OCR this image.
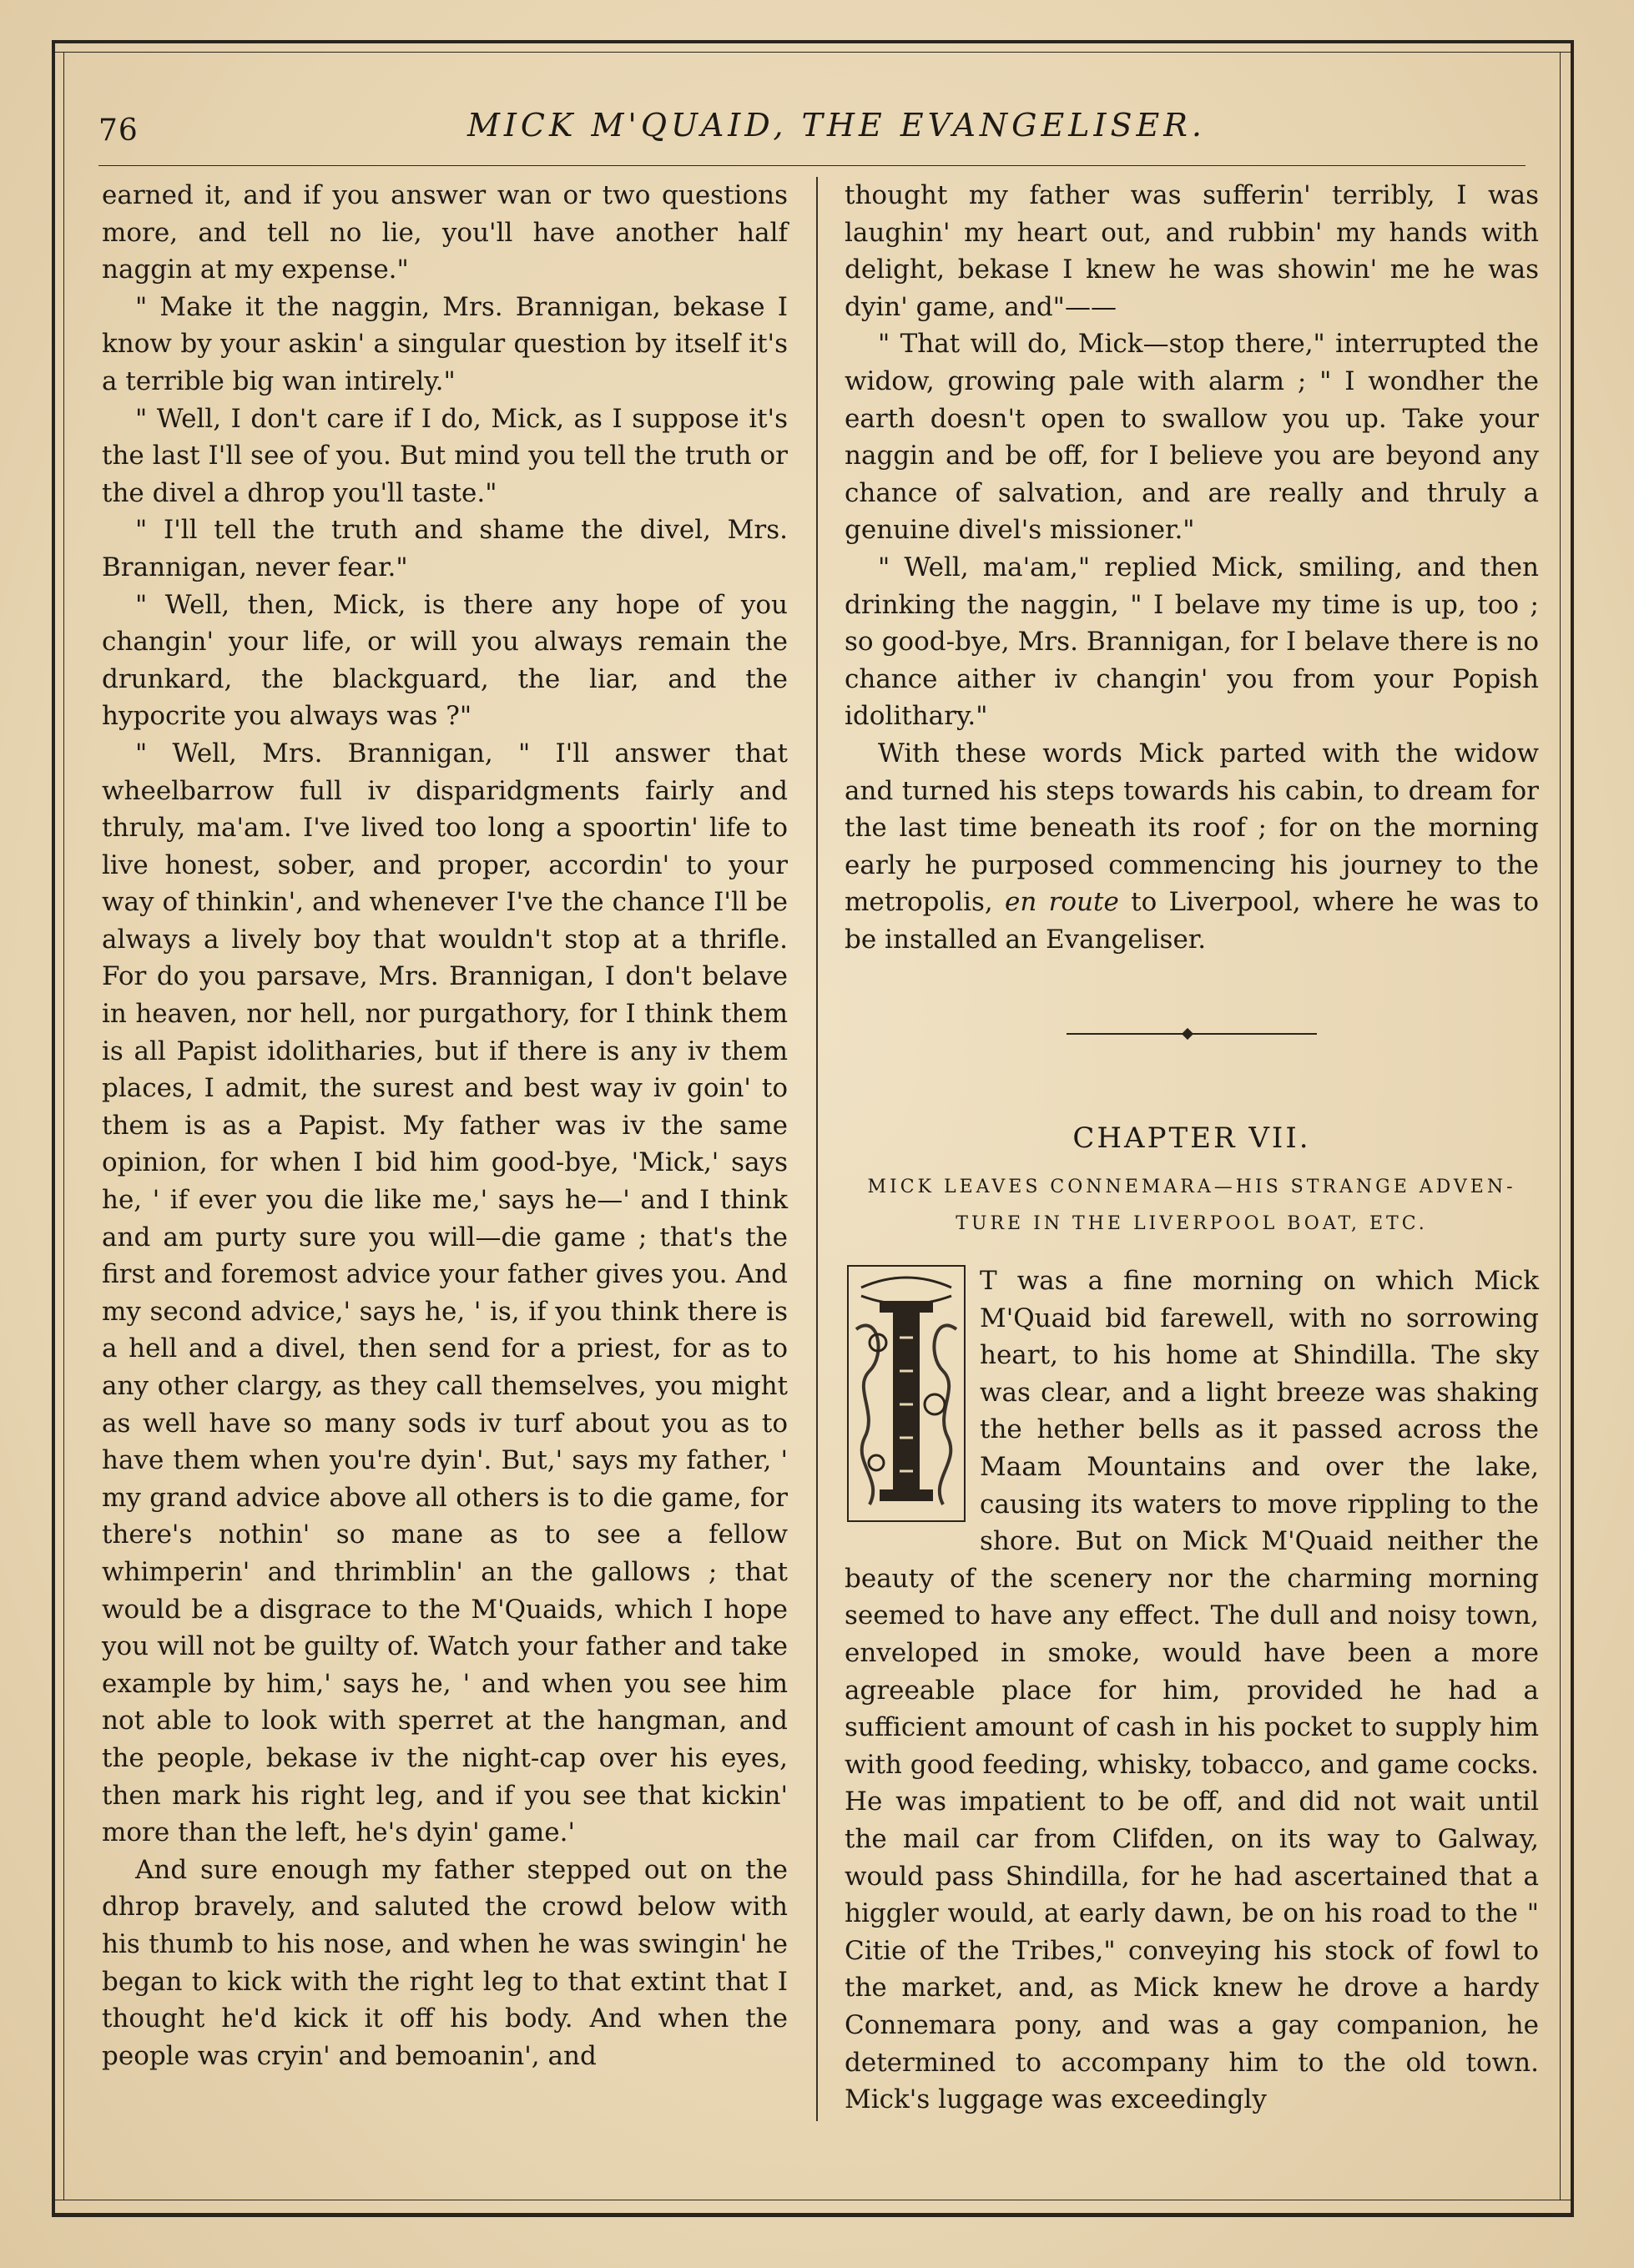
76	MICK M'QUAID, THE EVANGELISER.

earned it, and if you answer wan or two questions more, and tell no lie, you'll have another half naggin at my expense."

" Make it the naggin, Mrs. Brannigan, bekase I know by your askin' a singular question by itself it's a terrible big wan intirely."

" Well, I don't care if I do, Mick, as I suppose it's the last I'll see of you. But mind you tell the truth or the divel a dhrop you'll taste."

" I'll tell the truth and shame the divel, Mrs. Brannigan, never fear."

" Well, then, Mick, is there any hope of you changin' your life, or will you always remain the drunkard, the blackguard, the liar, and the hypocrite you always was ?"

" Well, Mrs. Brannigan, " I'll answer that wheelbarrow full iv disparidgments fairly and thruly, ma'am. I've lived too long a spoortin' life to live honest, sober, and proper, accordin' to your way of thinkin', and whenever I've the chance I'll be always a lively boy that wouldn't stop at a thrifle. For do you parsave, Mrs. Brannigan, I don't belave in heaven, nor hell, nor purgathory, for I think them is all Papist idolitharies, but if there is any iv them places, I admit, the surest and best way iv goin' to them is as a Papist. My father was iv the same opinion, for when I bid him good-bye, 'Mick,' says he, ' if ever you die like me,' says he—' and I think and am purty sure you will—die game ; that's the first and foremost advice your father gives you. And my second advice,' says he, ' is, if you think there is a hell and a divel, then send for a priest, for as to any other clargy, as they call themselves, you might as well have so many sods iv turf about you as to have them when you're dyin'. But,' says my father, ' my grand advice above all others is to die game, for there's nothin' so mane as to see a fellow whimperin' and thrimblin' an the gallows ; that would be a disgrace to the M'Quaids, which I hope you will not be guilty of. Watch your father and take example by him,' says he, ' and when you see him not able to look with sperret at the hangman, and the people, bekase iv the night-cap over his eyes, then mark his right leg, and if you see that kickin' more than the left, he's dyin' game.'

And sure enough my father stepped out on the dhrop bravely, and saluted the crowd below with his thumb to his nose, and when he was swingin' he began to kick with the right leg to that extint that I thought he'd kick it off his body. And when the people was cryin' and bemoanin', and

thought my father was sufferin' terribly, I was laughin' my heart out, and rubbin' my hands with delight, bekase I knew he was showin' me he was dyin' game, and"——

" That will do, Mick—stop there," interrupted the widow, growing pale with alarm ; " I wondher the earth doesn't open to swallow you up. Take your naggin and be off, for I believe you are beyond any chance of salvation, and are really and thruly a genuine divel's missioner."

" Well, ma'am," replied Mick, smiling, and then drinking the naggin, " I belave my time is up, too ; so good-bye, Mrs. Brannigan, for I belave there is no chance aither iv changin' you from your Popish idolithary."

With these words Mick parted with the widow and turned his steps towards his cabin, to dream for the last time beneath its roof ; for on the morning early he purposed commencing his journey to the metropolis, en route to Liverpool, where he was to be installed an Evangeliser.

CHAPTER VII.
MICK LEAVES CONNEMARA—HIS STRANGE ADVEN-
TURE IN THE LIVERPOOL BOAT, ETC.

T was a fine morning on which Mick M'Quaid bid farewell, with no sorrowing heart, to his home at Shindilla. The sky was clear, and a light breeze was shaking the hether bells as it passed across the Maam Mountains and over the lake, causing its waters to move rippling to the shore. But on Mick M'Quaid neither the beauty of the scenery nor the charming morning seemed to have any effect. The dull and noisy town, enveloped in smoke, would have been a more agreeable place for him, provided he had a sufficient amount of cash in his pocket to supply him with good feeding, whisky, tobacco, and game cocks. He was impatient to be off, and did not wait until the mail car from Clifden, on its way to Galway, would pass Shindilla, for he had ascertained that a higgler would, at early dawn, be on his road to the " Citie of the Tribes," conveying his stock of fowl to the market, and, as Mick knew he drove a hardy Connemara pony, and was a gay companion, he determined to accompany him to the old town. Mick's luggage was exceedingly
